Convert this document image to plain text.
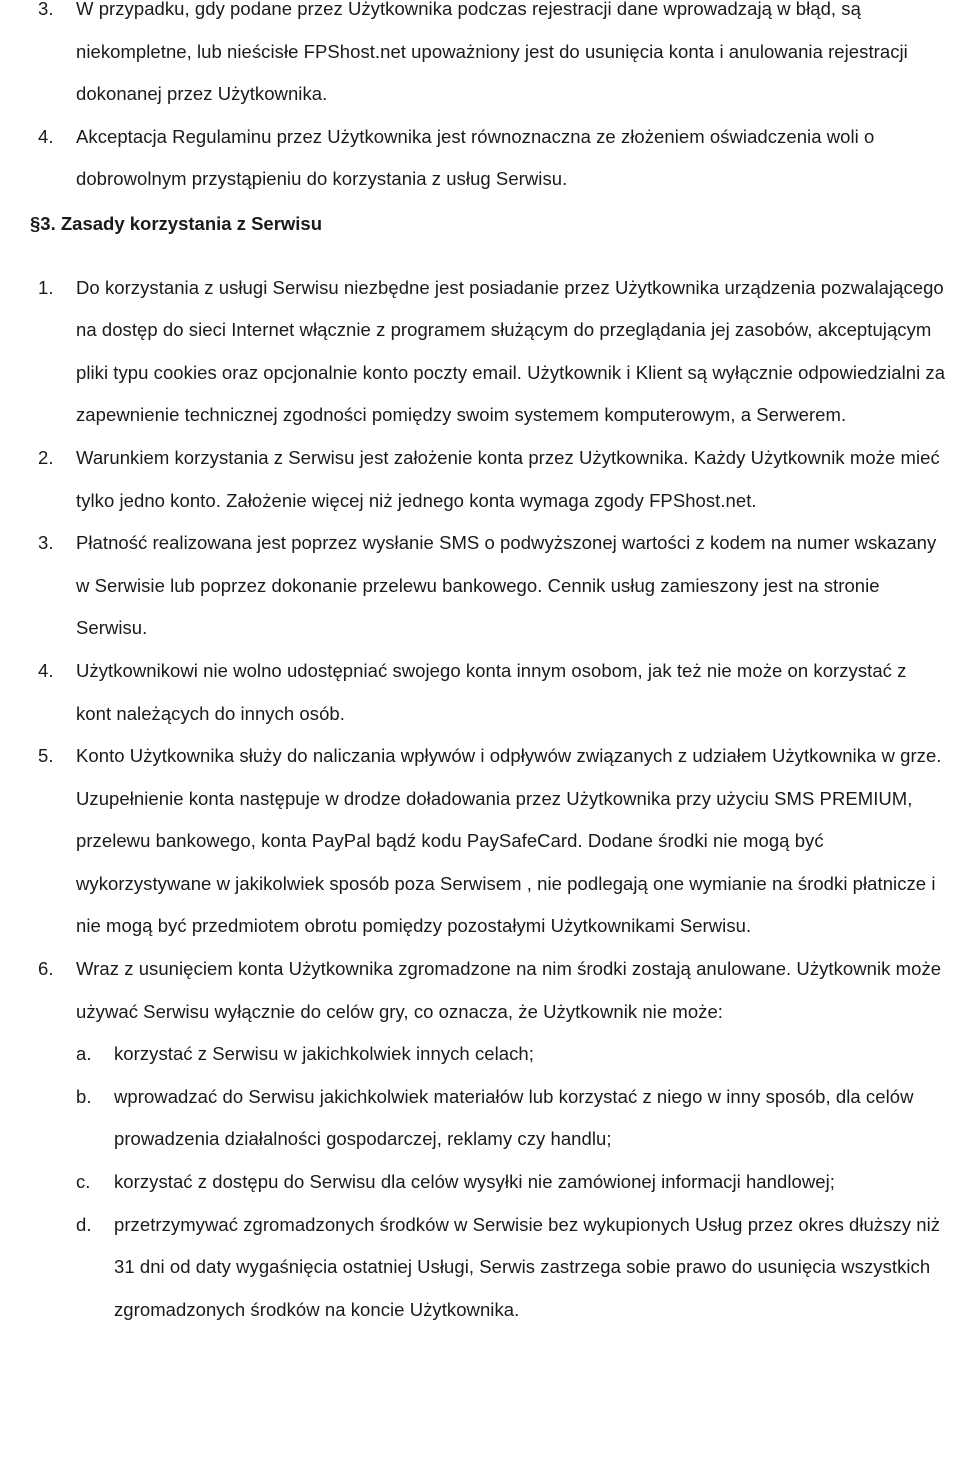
3. W przypadku, gdy podane przez Użytkownika podczas rejestracji dane wprowadzają w błąd, są niekompletne, lub nieścisłe FPShost.net upoważniony jest do usunięcia konta i anulowania rejestracji dokonanej przez Użytkownika.
4. Akceptacja Regulaminu przez Użytkownika jest równoznaczna ze złożeniem oświadczenia woli o dobrowolnym przystąpieniu do korzystania z usług Serwisu.
§3. Zasady korzystania z Serwisu
1. Do korzystania z usługi Serwisu niezbędne jest posiadanie przez Użytkownika urządzenia pozwalającego na dostęp do sieci Internet włącznie z programem służącym do przeglądania jej zasobów, akceptującym pliki typu cookies oraz opcjonalnie konto poczty email. Użytkownik i Klient są wyłącznie odpowiedzialni za zapewnienie technicznej zgodności pomiędzy swoim systemem komputerowym, a Serwerem.
2. Warunkiem korzystania z Serwisu jest założenie konta przez Użytkownika. Każdy Użytkownik może mieć tylko jedno konto. Założenie więcej niż jednego konta wymaga zgody FPShost.net.
3. Płatność realizowana jest poprzez wysłanie SMS o podwyższonej wartości z kodem na numer wskazany w Serwisie lub poprzez dokonanie przelewu bankowego. Cennik usług zamieszony jest na stronie Serwisu.
4. Użytkownikowi nie wolno udostępniać swojego konta innym osobom, jak też nie może on korzystać z kont należących do innych osób.
5. Konto Użytkownika służy do naliczania wpływów i odpływów związanych z udziałem Użytkownika w grze. Uzupełnienie konta następuje w drodze doładowania przez Użytkownika przy użyciu SMS PREMIUM, przelewu bankowego, konta PayPal bądź kodu PaySafeCard. Dodane środki nie mogą być wykorzystywane w jakikolwiek sposób poza Serwisem , nie podlegają one wymianie na środki płatnicze i nie mogą być przedmiotem obrotu pomiędzy pozostałymi Użytkownikami Serwisu.
6. Wraz z usunięciem konta Użytkownika zgromadzone na nim środki zostają anulowane. Użytkownik może używać Serwisu wyłącznie do celów gry, co oznacza, że Użytkownik nie może:
a. korzystać z Serwisu w jakichkolwiek innych celach;
b. wprowadzać do Serwisu jakichkolwiek materiałów lub korzystać z niego w inny sposób, dla celów prowadzenia działalności gospodarczej, reklamy czy handlu;
c. korzystać z dostępu do Serwisu dla celów wysyłki nie zamówionej informacji handlowej;
d. przetrzymywać zgromadzonych środków w Serwisie bez wykupionych Usług przez okres dłuższy niż 31 dni od daty wygaśnięcia ostatniej Usługi, Serwis zastrzega sobie prawo do usunięcia wszystkich zgromadzonych środków na koncie Użytkownika.
